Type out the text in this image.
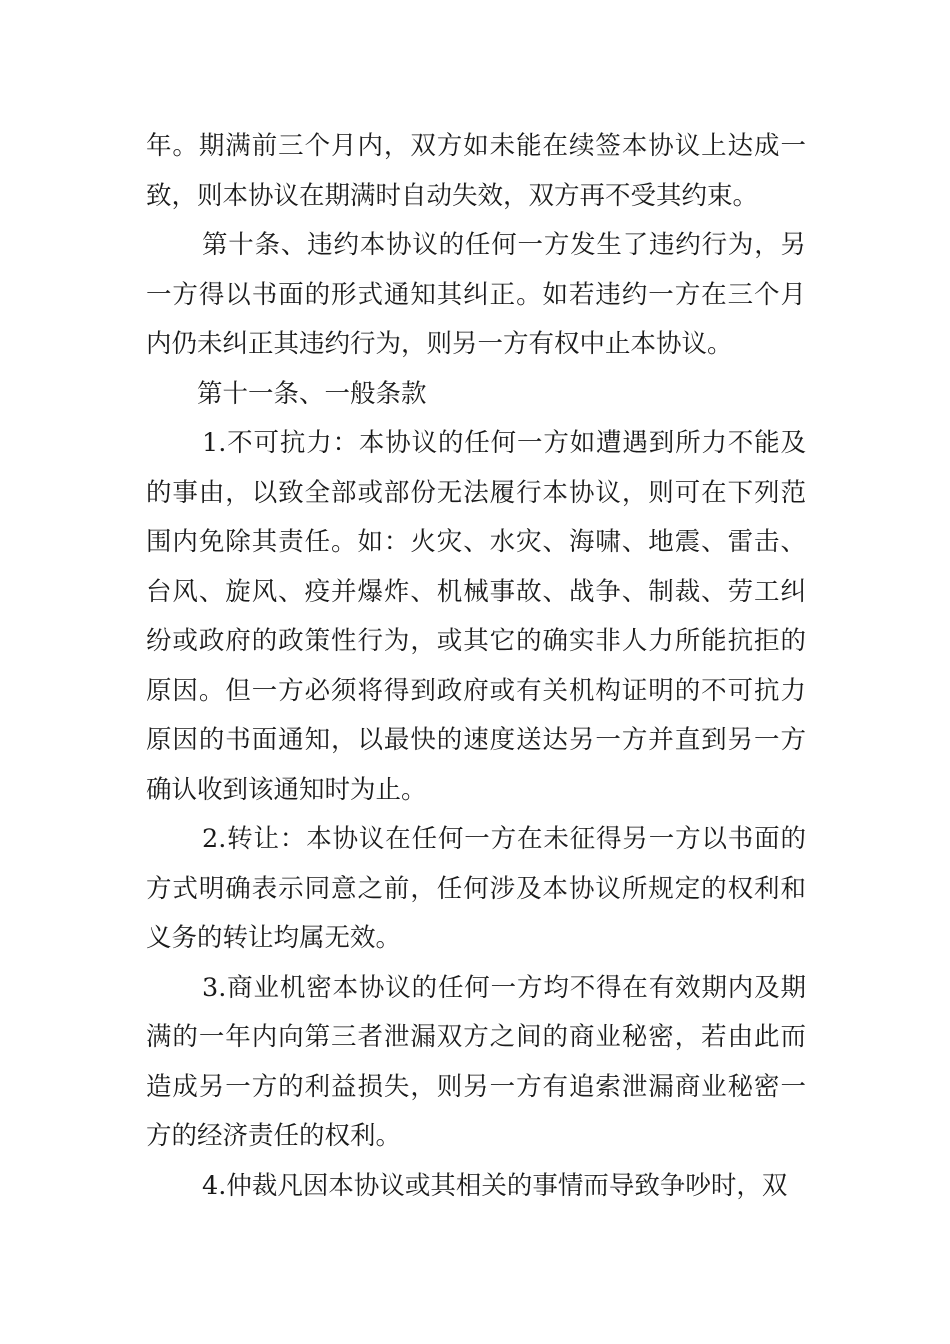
年。期满前三个月内，双方如未能在续签本协议上达成一致，则本协议在期满时自动失效，双方再不受其约束。

第十条、违约本协议的任何一方发生了违约行为，另一方得以书面的形式通知其纠正。如若违约一方在三个月内仍未纠正其违约行为，则另一方有权中止本协议。

第十一条、一般条款

1.不可抗力：本协议的任何一方如遭遇到所力不能及的事由，以致全部或部份无法履行本协议，则可在下列范围内免除其责任。如：火灾、水灾、海啸、地震、雷击、台风、旋风、疫并爆炸、机械事故、战争、制裁、劳工纠纷或政府的政策性行为，或其它的确实非人力所能抗拒的原因。但一方必须将得到政府或有关机构证明的不可抗力原因的书面通知，以最快的速度送达另一方并直到另一方确认收到该通知时为止。

2.转让：本协议在任何一方在未征得另一方以书面的方式明确表示同意之前，任何涉及本协议所规定的权利和义务的转让均属无效。

3.商业机密本协议的任何一方均不得在有效期内及期满的一年内向第三者泄漏双方之间的商业秘密，若由此而造成另一方的利益损失，则另一方有追索泄漏商业秘密一方的经济责任的权利。

4.仲裁凡因本协议或其相关的事情而导致争吵时，双
